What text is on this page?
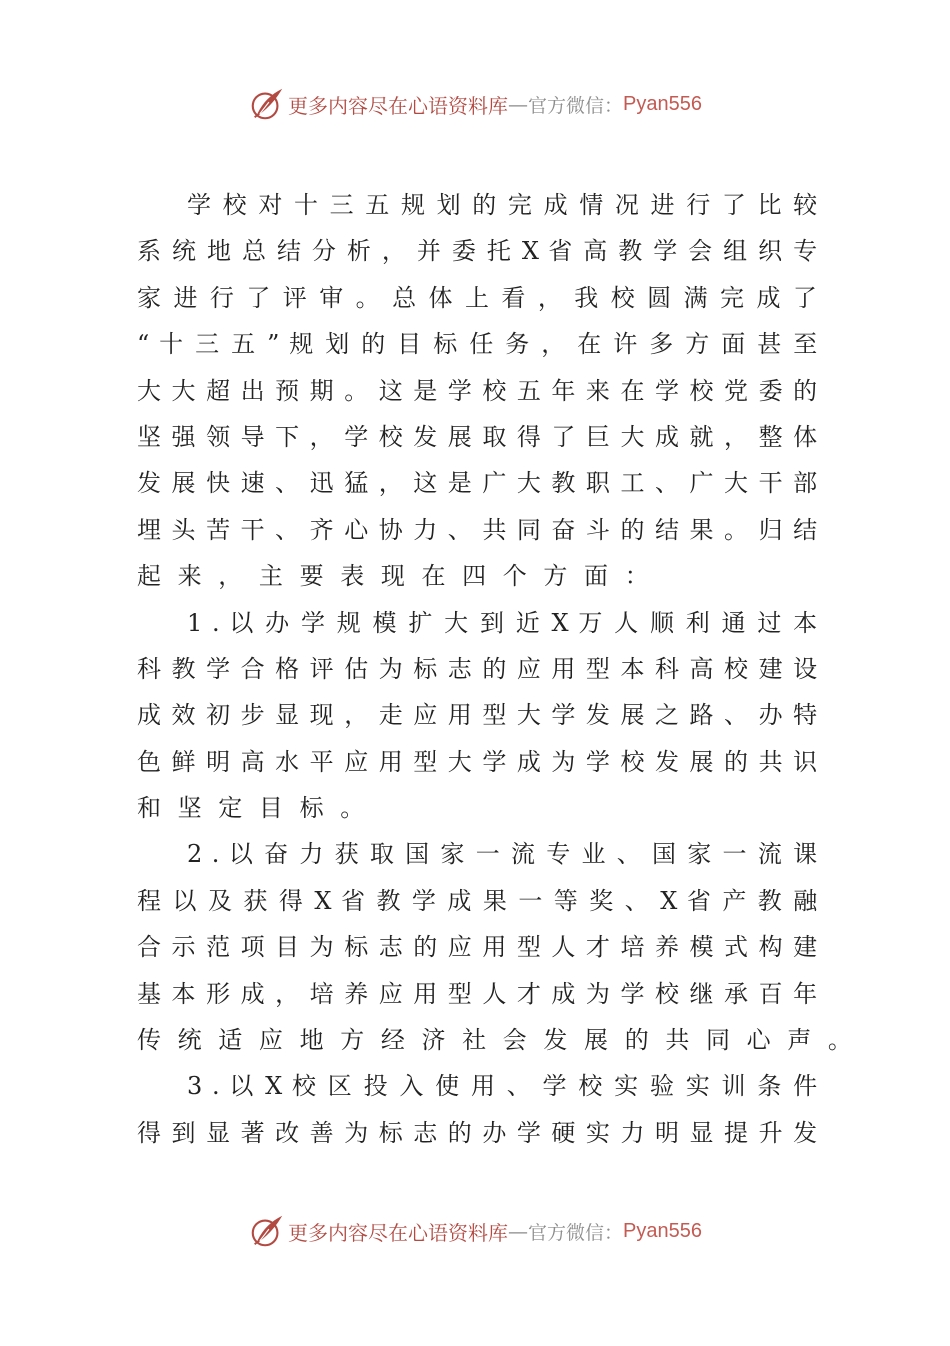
更多内容尽在心语资料库 — 官方微信： Pyan556
学 校 对 十 三 五 规 划 的 完 成 情 况 进 行 了 比 较
系 统 地 总 结 分 析 ， 并 委 托 X 省 高 教 学 会 组 织 专
家 进 行 了 评 审 。 总 体 上 看 ， 我 校 圆 满 完 成 了
“ 十 三 五 ” 规 划 的 目 标 任 务 ， 在 许 多 方 面 甚 至
大 大 超 出 预 期 。 这 是 学 校 五 年 来 在 学 校 党 委 的
坚 强 领 导 下 ， 学 校 发 展 取 得 了 巨 大 成 就 ， 整 体
发 展 快 速 、 迅 猛 ， 这 是 广 大 教 职 工 、 广 大 干 部
埋 头 苦 干 、 齐 心 协 力 、 共 同 奋 斗 的 结 果 。 归 结
起 来 ， 主 要 表 现 在 四 个 方 面 ：
1 . 以 办 学 规 模 扩 大 到 近 X 万 人 顺 利 通 过 本
科 教 学 合 格 评 估 为 标 志 的 应 用 型 本 科 高 校 建 设
成 效 初 步 显 现 ， 走 应 用 型 大 学 发 展 之 路 、 办 特
色 鲜 明 高 水 平 应 用 型 大 学 成 为 学 校 发 展 的 共 识
和 坚 定 目 标 。
2 . 以 奋 力 获 取 国 家 一 流 专 业 、 国 家 一 流 课
程 以 及 获 得 X 省 教 学 成 果 一 等 奖 、 X 省 产 教 融
合 示 范 项 目 为 标 志 的 应 用 型 人 才 培 养 模 式 构 建
基 本 形 成 ， 培 养 应 用 型 人 才 成 为 学 校 继 承 百 年
传 统 适 应 地 方 经 济 社 会 发 展 的 共 同 心 声 。
3 . 以 X 校 区 投 入 使 用 、 学 校 实 验 实 训 条 件
得 到 显 著 改 善 为 标 志 的 办 学 硬 实 力 明 显 提 升 发
更多内容尽在心语资料库 — 官方微信： Pyan556
